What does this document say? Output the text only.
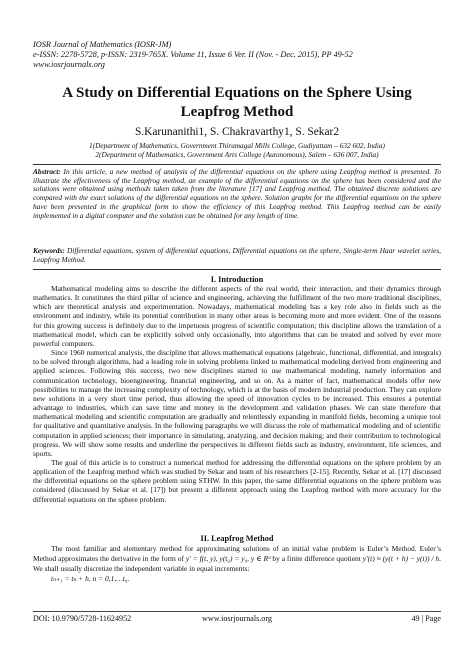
IOSR Journal of Mathematics (IOSR-JM)
e-ISSN: 2278-5728, p-ISSN: 2319-765X. Volume 11, Issue 6 Ver. II (Nov. - Dec. 2015), PP 49-52
www.iosrjournals.org
A Study on Differential Equations on the Sphere Using Leapfrog Method
S.Karunanithi1, S. Chakravarthy1, S. Sekar2
1(Department of Mathematics, Government Thirumagal Mills College, Gudiyattam – 632 602, India)
2(Department of Mathematics, Government Arts College (Autonomous), Salem – 636 007, India)
Abstract: In this article, a new method of analysis of the differential equations on the sphere using Leapfrog method is presented. To illustrate the effectiveness of the Leapfrog method, an example of the differential equations on the sphere has been considered and the solutions were obtained using methods taken taken from the literature [17] and Leapfrog method. The obtained discrete solutions are compared with the exact solutions of the differential equations on the sphere. Solution graphs for the differential equations on the sphere have been presented in the graphical form to show the efficiency of this Leapfrog method. This Leapfrog method can be easily implemented in a digital computer and the solution can be obtained for any length of time.
Keywords: Differential equations, system of differential equations, Differential equations on the sphere, Single-term Haar wavelet series, Leapfrog Method.
I. Introduction

Mathematical modeling aims to describe the different aspects of the real world, their interaction, and their dynamics through mathematics. It constitutes the third pillar of science and engineering, achieving the fulfillment of the two more traditional disciplines, which are theoretical analysis and experimentation. Nowadays, mathematical modeling has a key role also in fields such as the environment and industry, while its potential contribution in many other areas is becoming more and more evident. One of the reasons for this growing success is definitely due to the impetuous progress of scientific computation; this discipline allows the translation of a mathematical model, which can be explicitly solved only occasionally, into algorithms that can be treated and solved by ever more powerful computers.

Since 1960 numerical analysis, the discipline that allows mathematical equations (algebraic, functional, differential, and integrals) to be solved through algorithms, had a leading role in solving problems linked to mathematical modeling derived from engineering and applied sciences. Following this success, two new disciplines started to use mathematical modeling, namely information and communication technology, bioengineering, financial engineering, and so on. As a matter of fact, mathematical models offer new possibilities to manage the increasing complexity of technology, which is at the basis of modern industrial production. They can explore new solutions in a very short time period, thus allowing the speed of innovation cycles to be increased. This ensures a potential advantage to industries, which can save time and money in the development and validation phases. We can state therefore that mathematical modeling and scientific computation are gradually and relentlessly expanding in manifold fields, becoming a unique tool for qualitative and quantitative analysis. In the following paragraphs we will discuss the role of mathematical modeling and of scientific computation in applied sciences; their importance in simulating, analyzing, and decision making; and their contribution to technological progress. We will show some results and underline the perspectives in different fields such as industry, environment, life sciences, and sports.

The goal of this article is to construct a numerical method for addressing the differential equations on the sphere problem by an application of the Leapfrog method which was studied by Sekar and team of his researchers [2-15]. Recently, Sekar et al. [17] discussed the differential equations on the sphere problem using STHW. In this paper, the same differential equations on the sphere problem was considered (discussed by Sekar et al. [17]) but present a different approach using the Leapfrog method with more accuracy for the differential equations on the sphere problem.

II. Leapfrog Method

The most familiar and elementary method for approximating solutions of an initial value problem is Euler’s Method. Euler’s Method approximates the derivative in the form of y′ = f(t, y), y(t₀) = y₀, y ∈ Rᵈ by a finite difference quotient y′(t) ≈ (y(t + h) − y(t)) / h. We shall usually discretize the independent variable in equal increments:

tₙ₊₁ = tₙ + h, n = 0,1,…t₀.
DOI: 10.9790/5728-11624952	www.iosrjournals.org	49 | Page
